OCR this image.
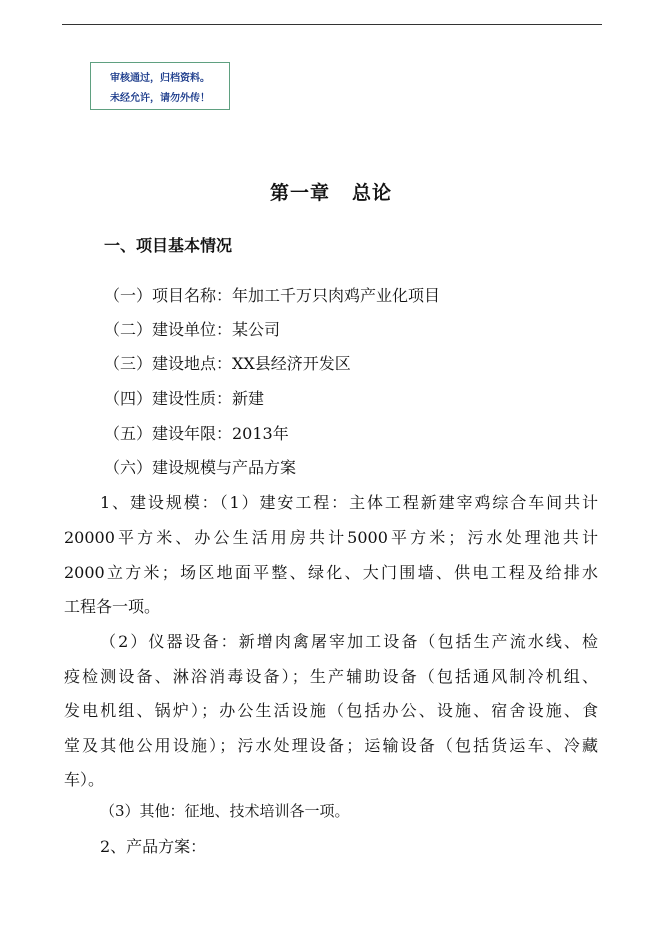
审核通过，归档资料。
未经允许，请勿外传！
第一章 总论
一、项目基本情况
（一）项目名称：年加工千万只肉鸡产业化项目
（二）建设单位：某公司
（三）建设地点：XX县经济开发区
（四）建设性质：新建
（五）建设年限：2013年
（六）建设规模与产品方案
1、建设规模：（1）建安工程：主体工程新建宰鸡综合车间共计
20000平方米、办公生活用房共计5000平方米；污水处理池共计
2000立方米；场区地面平整、绿化、大门围墙、供电工程及给排水
工程各一项。
（2）仪器设备：新增肉禽屠宰加工设备（包括生产流水线、检
疫检测设备、淋浴消毒设备）；生产辅助设备（包括通风制冷机组、
发电机组、锅炉）；办公生活设施（包括办公、设施、宿舍设施、食
堂及其他公用设施）；污水处理设备；运输设备（包括货运车、冷藏
车）。
（3）其他：征地、技术培训各一项。
2、产品方案：
